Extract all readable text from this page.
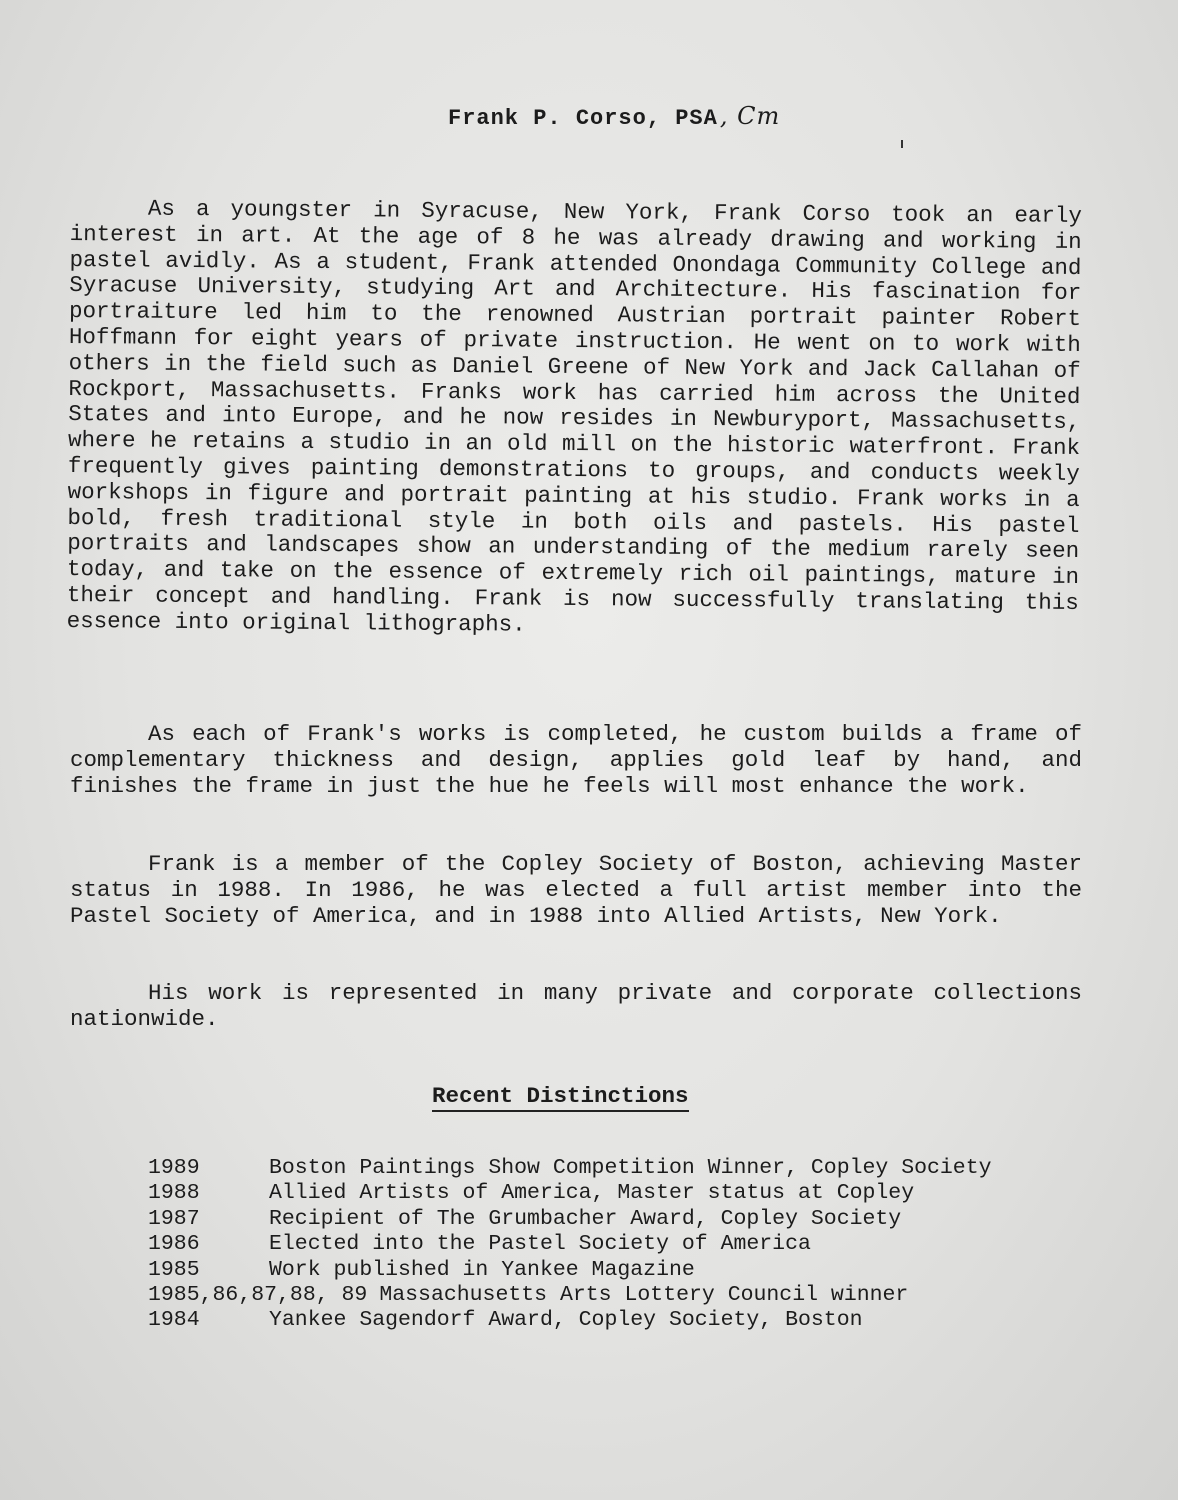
Frank P. Corso, PSA, Cm

As a youngster in Syracuse, New York, Frank Corso took an early interest in art. At the age of 8 he was already drawing and working in pastel avidly. As a student, Frank attended Onondaga Community College and Syracuse University, studying Art and Architecture. His fascination for portraiture led him to the renowned Austrian portrait painter Robert Hoffmann for eight years of private instruction. He went on to work with others in the field such as Daniel Greene of New York and Jack Callahan of Rockport, Massachusetts. Franks work has carried him across the United States and into Europe, and he now resides in Newburyport, Massachusetts, where he retains a studio in an old mill on the historic waterfront. Frank frequently gives painting demonstrations to groups, and conducts weekly workshops in figure and portrait painting at his studio. Frank works in a bold, fresh traditional style in both oils and pastels. His pastel portraits and landscapes show an understanding of the medium rarely seen today, and take on the essence of extremely rich oil paintings, mature in their concept and handling. Frank is now successfully translating this essence into original lithographs.

As each of Frank's works is completed, he custom builds a frame of complementary thickness and design, applies gold leaf by hand, and finishes the frame in just the hue he feels will most enhance the work.

Frank is a member of the Copley Society of Boston, achieving Master status in 1988. In 1986, he was elected a full artist member into the Pastel Society of America, and in 1988 into Allied Artists, New York.

His work is represented in many private and corporate collections nationwide.

Recent Distinctions
1989	Boston Paintings Show Competition Winner, Copley Society
1988	Allied Artists of America, Master status at Copley
1987	Recipient of The Grumbacher Award, Copley Society
1986	Elected into the Pastel Society of America
1985	Work published in Yankee Magazine
1985,86,87,88, 89 Massachusetts Arts Lottery Council winner
1984	Yankee Sagendorf Award, Copley Society, Boston
